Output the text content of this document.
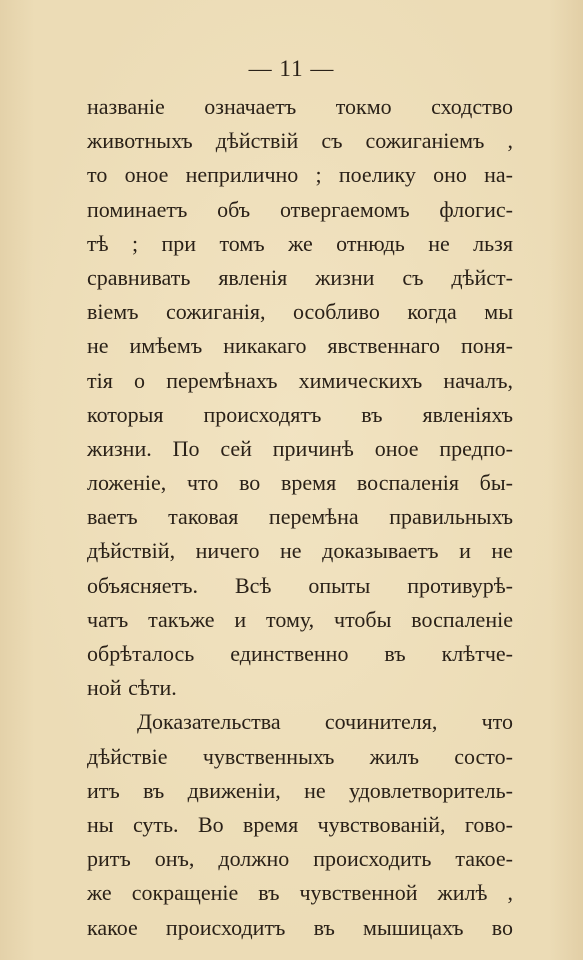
— 11 —
названіе означаетъ токмо сходство
животныхъ дѣйствій съ сожиганіемъ ,
то оное неприлично ; поелику оно на-
поминаетъ объ отвергаемомъ флогис-
тѣ ; при томъ же отнюдь не льзя
сравнивать явленія жизни съ дѣйст-
віемъ сожиганія, особливо когда мы
не имѣемъ никакаго явственнаго поня-
тія о перемѣнахъ химическихъ началъ,
которыя происходятъ въ явленіяхъ
жизни. По сей причинѣ оное предпо-
ложеніе, что во время воспаленія бы-
ваетъ таковая перемѣна правильныхъ
дѣйствій, ничего не доказываетъ и не
объясняетъ. Всѣ опыты противурѣ-
чатъ такъже и тому, чтобы воспаленіе
обрѣталось единственно въ клѣтче-
ной сѣти.
Доказательства сочинителя, что
дѣйствіе чувственныхъ жилъ состо-
итъ въ движеніи, не удовлетворитель-
ны суть. Во время чувствованій, гово-
ритъ онъ, должно происходить такое-
же сокращеніе въ чувственной жилѣ ,
какое происходитъ въ мышицахъ во
